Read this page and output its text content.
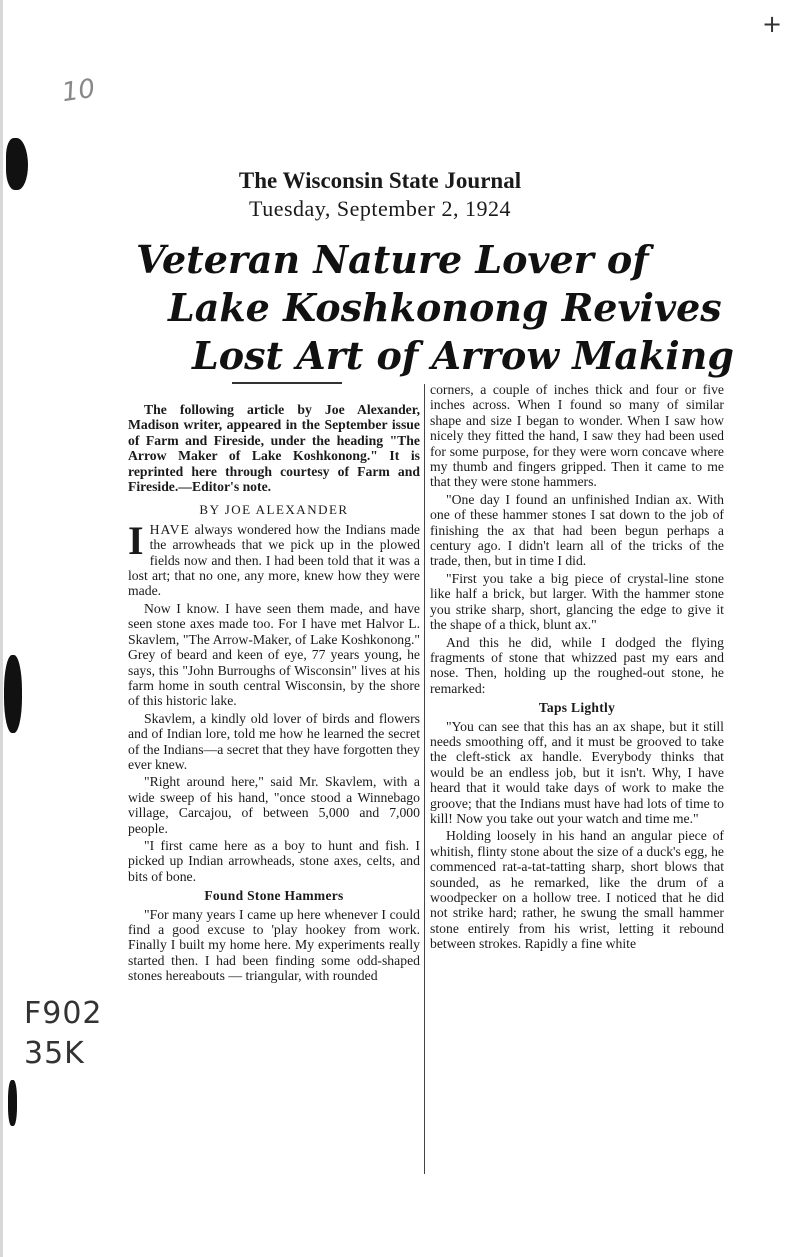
10
+
F902
35K
The Wisconsin State Journal
Tuesday, September 2, 1924
Veteran Nature Lover of
Lake Koshkonong Revives
Lost Art of Arrow Making

The following article by Joe Alexander, Madison writer, appeared in the September issue of Farm and Fireside, under the heading "The Arrow Maker of Lake Koshkonong." It is reprinted here through courtesy of Farm and Fireside.—Editor's note.

BY JOE ALEXANDER

IHAVE always wondered how the Indians made the arrowheads that we pick up in the plowed fields now and then. I had been told that it was a lost art; that no one, any more, knew how they were made.

Now I know. I have seen them made, and have seen stone axes made too. For I have met Halvor L. Skavlem, "The Arrow-Maker, of Lake Koshkonong." Grey of beard and keen of eye, 77 years young, he says, this "John Burroughs of Wisconsin" lives at his farm home in south central Wisconsin, by the shore of this historic lake.

Skavlem, a kindly old lover of birds and flowers and of Indian lore, told me how he learned the secret of the Indians—a secret that they have forgotten they ever knew.

"Right around here," said Mr. Skavlem, with a wide sweep of his hand, "once stood a Winnebago village, Carcajou, of between 5,000 and 7,000 people.

"I first came here as a boy to hunt and fish. I picked up Indian arrowheads, stone axes, celts, and bits of bone.

Found Stone Hammers

"For many years I came up here whenever I could find a good excuse to 'play hookey from work. Finally I built my home here. My experiments really started then. I had been finding some odd-shaped stones hereabouts — triangular, with rounded

corners, a couple of inches thick and four or five inches across. When I found so many of similar shape and size I began to wonder. When I saw how nicely they fitted the hand, I saw they had been used for some purpose, for they were worn concave where my thumb and fingers gripped. Then it came to me that they were stone hammers.

"One day I found an unfinished Indian ax. With one of these hammer stones I sat down to the job of finishing the ax that had been begun perhaps a century ago. I didn't learn all of the tricks of the trade, then, but in time I did.

"First you take a big piece of crystal-line stone like half a brick, but larger. With the hammer stone you strike sharp, short, glancing the edge to give it the shape of a thick, blunt ax."

And this he did, while I dodged the flying fragments of stone that whizzed past my ears and nose. Then, holding up the roughed-out stone, he remarked:

Taps Lightly

"You can see that this has an ax shape, but it still needs smoothing off, and it must be grooved to take the cleft-stick ax handle. Everybody thinks that would be an endless job, but it isn't. Why, I have heard that it would take days of work to make the groove; that the Indians must have had lots of time to kill! Now you take out your watch and time me."

Holding loosely in his hand an angular piece of whitish, flinty stone about the size of a duck's egg, he commenced rat-a-tat-tatting sharp, short blows that sounded, as he remarked, like the drum of a woodpecker on a hollow tree. I noticed that he did not strike hard; rather, he swung the small hammer stone entirely from his wrist, letting it rebound between strokes. Rapidly a fine white
